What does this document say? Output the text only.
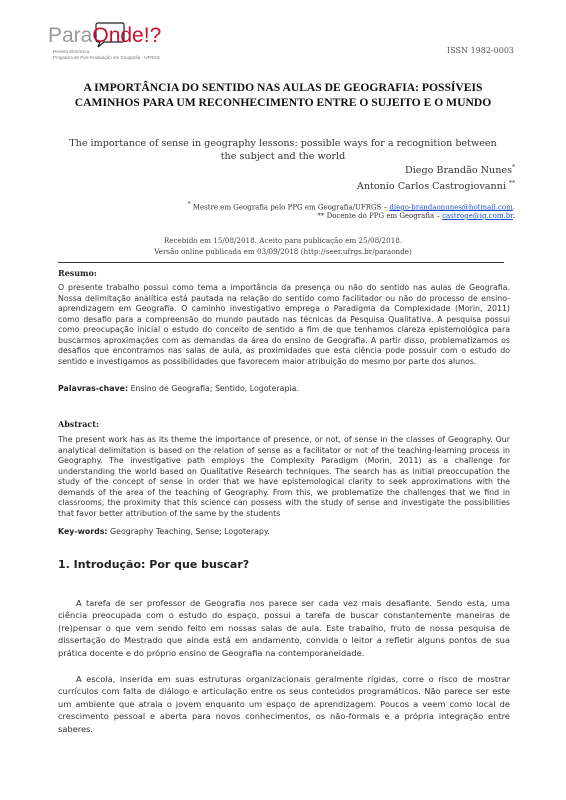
ParaOnde!?
Revista Eletrônica
Programa de Pós-Graduação em Geografia · UFRGS
ISSN 1982-0003
A IMPORTÂNCIA DO SENTIDO NAS AULAS DE GEOGRAFIA: POSSÍVEIS CAMINHOS PARA UM RECONHECIMENTO ENTRE O SUJEITO E O MUNDO
The importance of sense in geography lessons: possible ways for a recognition between the subject and the world
Diego Brandão Nunes*
Antonio Carlos Castrogiovanni **
* Mestre em Geografia pelo PPG em Geografia/UFRGS – diego-brandaonunes@hotmail.com.
** Docente do PPG em Geografia – castroge@ig.com.br.
Recebido em 15/08/2018. Aceito para publicação em 25/08/2018.
Versão online publicada em 03/09/2018 (http://seer.ufrgs.br/paraonde)
Resumo:
O presente trabalho possui como tema a importância da presença ou não do sentido nas aulas de Geografia. Nossa delimitação analítica está pautada na relação do sentido como facilitador ou não do processo de ensino-aprendizagem em Geografia. O caminho investigativo emprega o Paradigma da Complexidade (Morin, 2011) como desafio para a compreensão do mundo pautado nas técnicas da Pesquisa Qualitativa. A pesquisa possui como preocupação inicial o estudo do conceito de sentido a fim de que tenhamos clareza epistemológica para buscarmos aproximações com as demandas da área do ensino de Geografia. A partir disso, problematizamos os desafios que encontramos nas salas de aula, as proximidades que esta ciência pode possuir com o estudo do sentido e investigamos as possibilidades que favorecem maior atribuição do mesmo por parte dos alunos.
Palavras-chave: Ensino de Geografia; Sentido, Logoterapia.
Abstract:
The present work has as its theme the importance of presence, or not, of sense in the classes of Geography. Our analytical delimitation is based on the relation of sense as a facilitator or not of the teaching-learning process in Geography. The investigative path employs the Complexity Paradigm (Morin, 2011) as a challenge for understanding the world based on Qualitative Research techniques. The search has as initial preoccupation the study of the concept of sense in order that we have epistemological clarity to seek approximations with the demands of the area of the teaching of Geography. From this, we problematize the challenges that we find in classrooms, the proximity that this science can possess with the study of sense and investigate the possibilities that favor better attribution of the same by the students
Key-words: Geography Teaching, Sense; Logoterapy.
1. Introdução: Por que buscar?
A tarefa de ser professor de Geografia nos parece ser cada vez mais desafiante. Sendo esta, uma ciência preocupada com o estudo do espaço, possui a tarefa de buscar constantemente maneiras de (re)pensar o que vem sendo feito em nossas salas de aula. Este trabalho, fruto de nossa pesquisa de dissertação do Mestrado que ainda está em andamento, convida o leitor a refletir alguns pontos de sua prática docente e do próprio ensino de Geografia na contemporaneidade.
A escola, inserida em suas estruturas organizacionais geralmente rígidas, corre o risco de mostrar currículos com falta de diálogo e articulação entre os seus conteúdos programáticos. Não parece ser este um ambiente que atraia o jovem enquanto um espaço de aprendizagem. Poucos a veem como local de crescimento pessoal e aberta para novos conhecimentos, os não-formais e a própria integração entre saberes.
